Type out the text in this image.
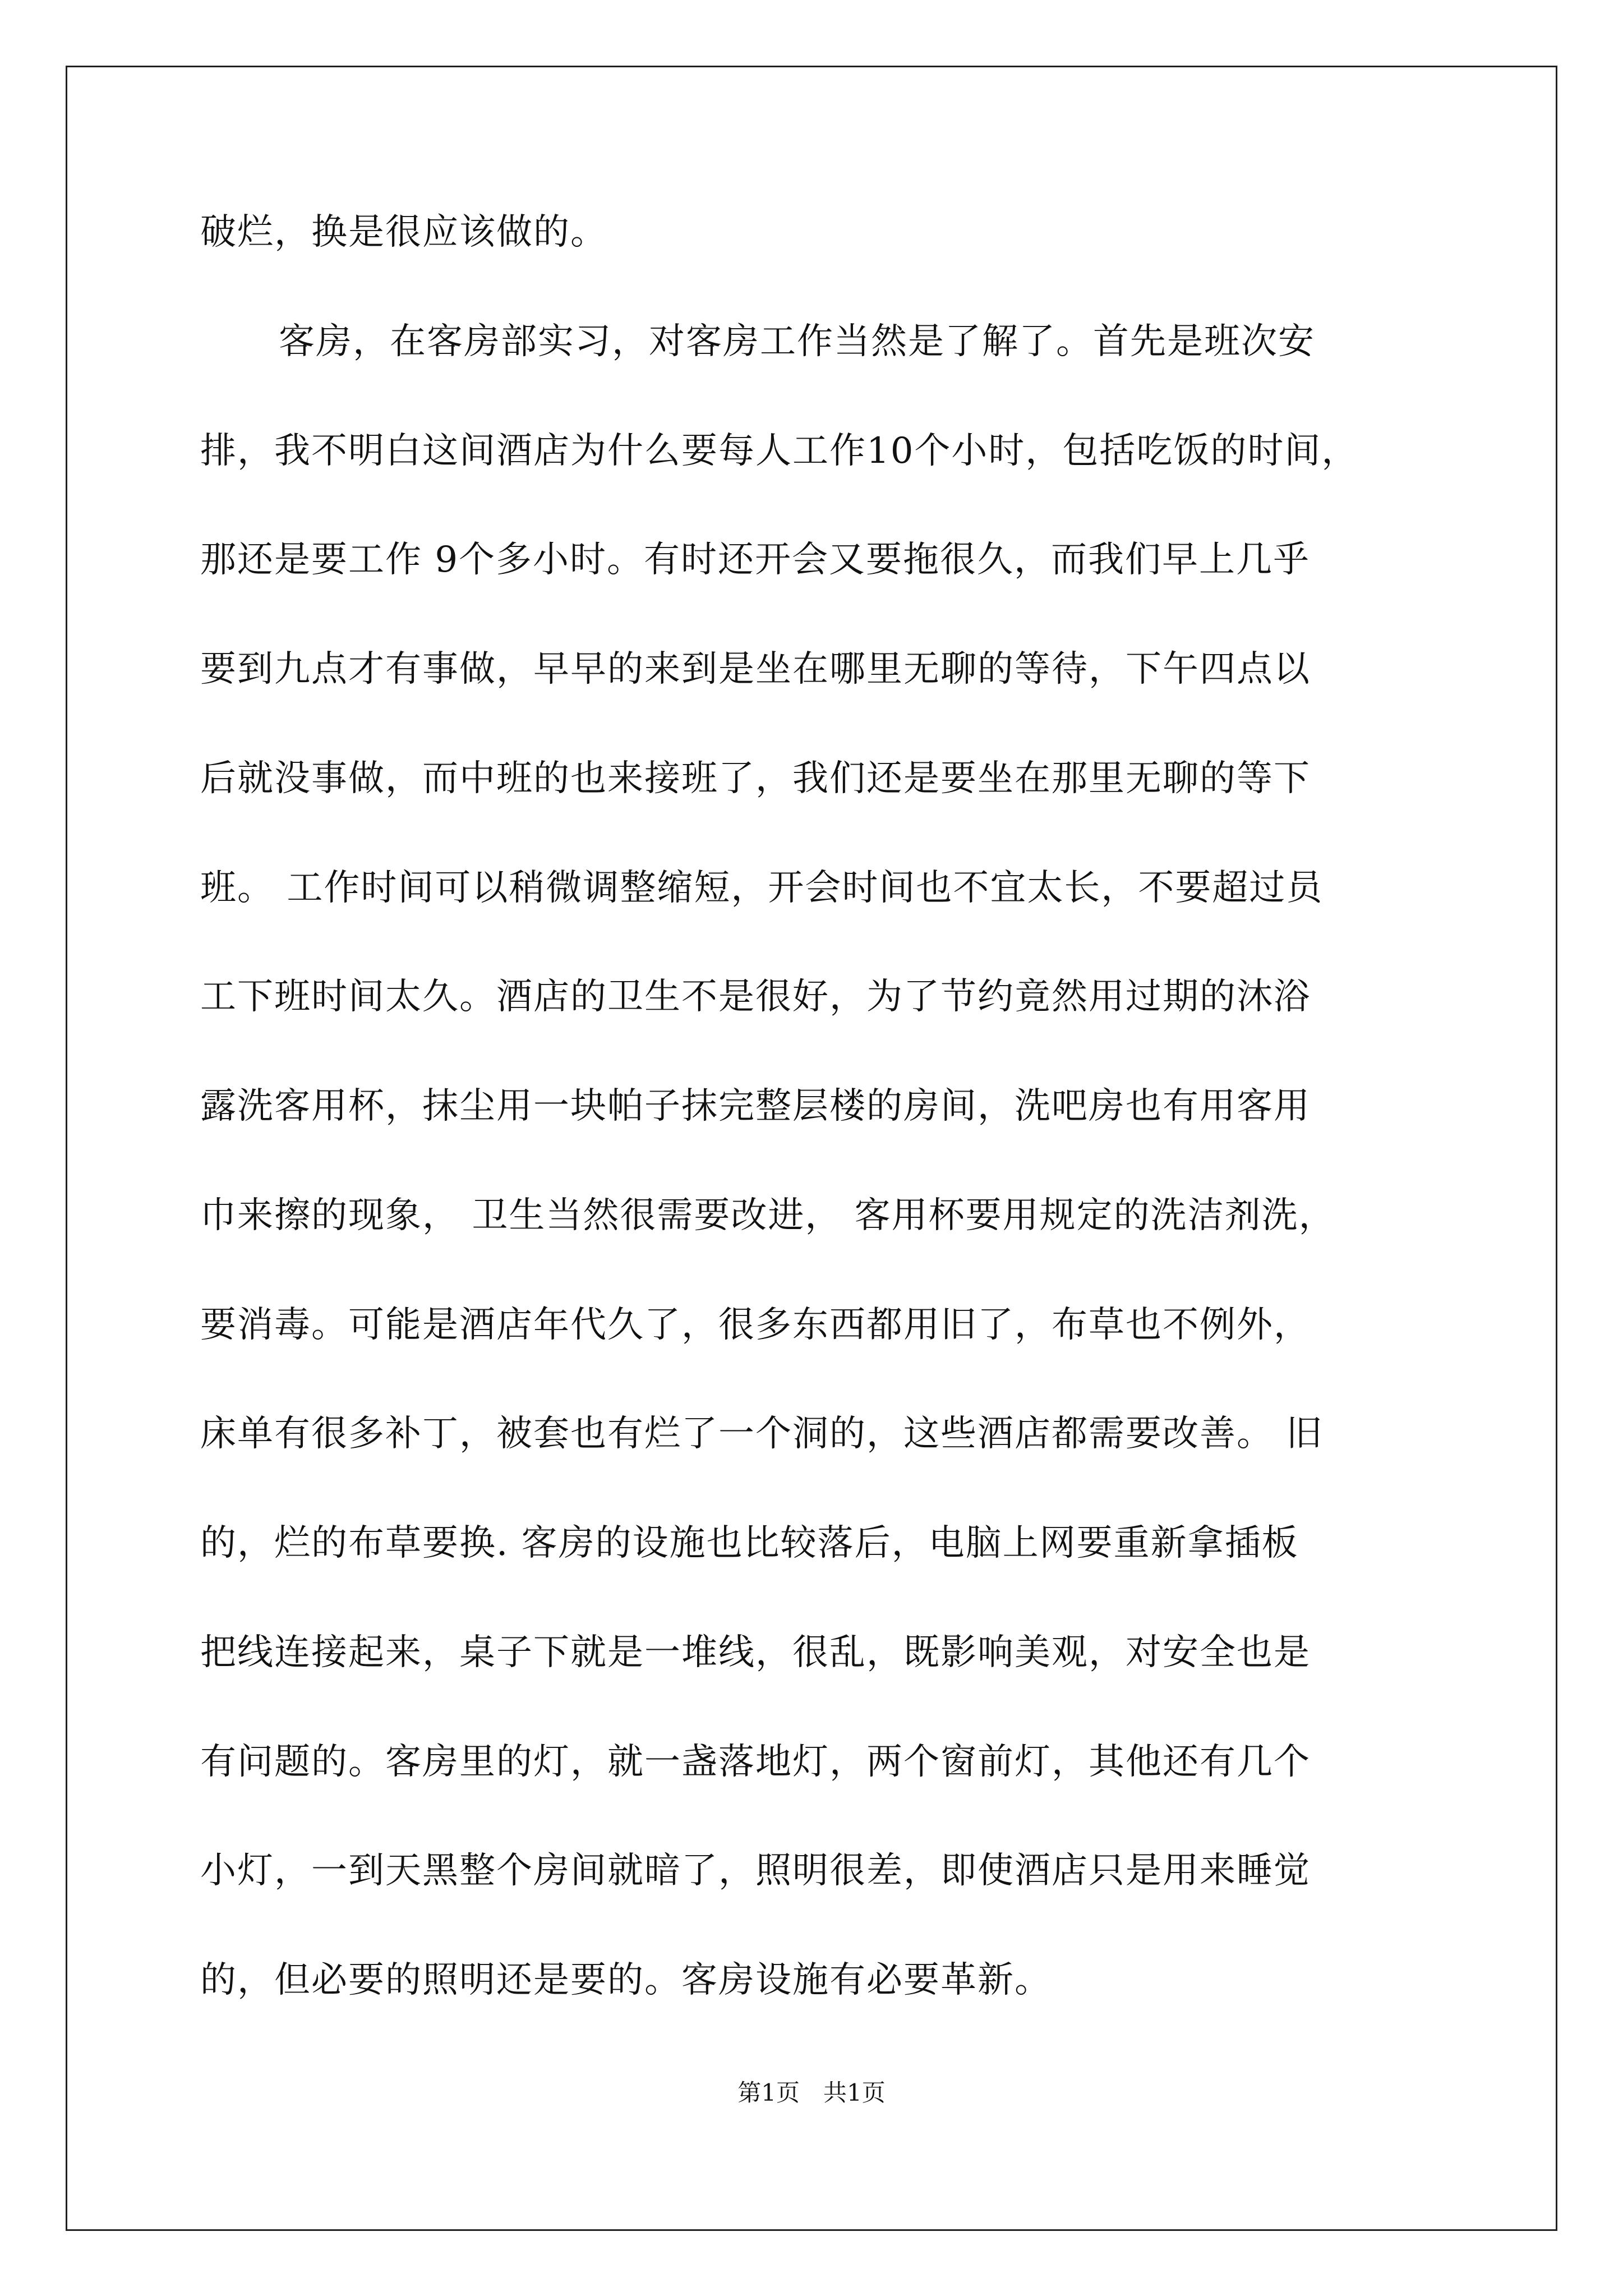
破烂，换是很应该做的。
客房，在客房部实习，对客房工作当然是了解了。首先是班次安
排，我不明白这间酒店为什么要每人工作10个小时，包括吃饭的时间，
那还是要工作 9个多小时。有时还开会又要拖很久，而我们早上几乎
要到九点才有事做，早早的来到是坐在哪里无聊的等待，下午四点以
后就没事做，而中班的也来接班了，我们还是要坐在那里无聊的等下
班。 工作时间可以稍微调整缩短，开会时间也不宜太长，不要超过员
工下班时间太久。酒店的卫生不是很好，为了节约竟然用过期的沐浴
露洗客用杯，抹尘用一块帕子抹完整层楼的房间，洗吧房也有用客用
巾来擦的现象， 卫生当然很需要改进， 客用杯要用规定的洗洁剂洗，
要消毒。可能是酒店年代久了，很多东西都用旧了，布草也不例外，
床单有很多补丁，被套也有烂了一个洞的，这些酒店都需要改善。 旧
的，烂的布草要换. 客房的设施也比较落后，电脑上网要重新拿插板
把线连接起来，桌子下就是一堆线，很乱，既影响美观，对安全也是
有问题的。客房里的灯，就一盏落地灯，两个窗前灯，其他还有几个
小灯，一到天黑整个房间就暗了，照明很差，即使酒店只是用来睡觉
的，但必要的照明还是要的。客房设施有必要革新。
第1页　共1页
